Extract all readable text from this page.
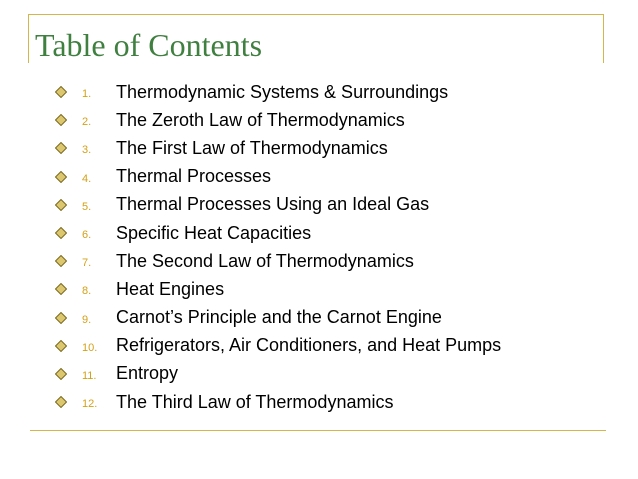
Table of Contents
1.	Thermodynamic Systems & Surroundings
2.	The Zeroth Law of Thermodynamics
3.	The First Law of Thermodynamics
4.	Thermal Processes
5.	Thermal Processes Using an Ideal Gas
6.	Specific Heat Capacities
7.	The Second Law of Thermodynamics
8.	Heat Engines
9.	Carnot’s Principle and the Carnot Engine
10.	Refrigerators, Air Conditioners, and Heat Pumps
11.	Entropy
12.	The Third Law of Thermodynamics
